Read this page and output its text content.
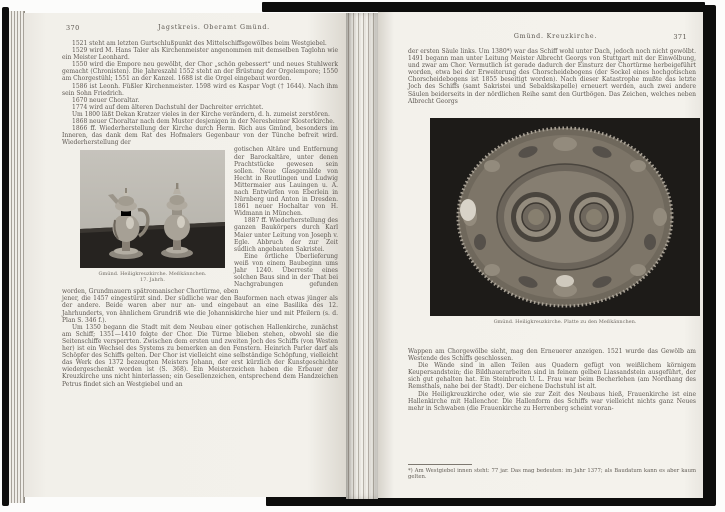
370	Jagstkreis. Oberamt Gmünd.

1521 steht am letzten Gurtschlußpunkt des Mittelschiffsgewölbes beim Westgiebel.

1529 wird M. Hans Taler als Kirchenmeister angenommen mit demselben Taglohn wie ein Meister Leonhard.

1550 wird die Empore neu gewölbt, der Chor „schön gebessert“ und neues Stuhlwerk gemacht (Chronisten). Die Jahreszahl 1552 steht an der Brüstung der Orgelempore; 1550 am Chorgestühl; 1551 an der Kanzel. 1688 ist die Orgel eingebaut worden.

1586 ist Leonh. Füßler Kirchenmeister. 1598 wird es Kaspar Vogt († 1644). Nach ihm sein Sohn Friedrich.

1670 neuer Choraltar.

1774 wird auf dem älteren Dachstuhl der Dachreiter errichtet.

Um 1800 läßt Dekan Kratzer vieles in der Kirche verändern, d. h. zumeist zerstören.

1868 neuer Choraltar nach dem Muster desjenigen in der Neresheimer Klosterkirche.

1866 ff. Wiederherstellung der Kirche durch Herm. Rich aus Gmünd, besonders im Inneren, das dank dem Rat des Hofmalers Gegenbaur von der Tünche befreit wird. Wiederherstellung der

Gmünd. Heiligkreuzkirche. Meßkännchen.
17. Jahrh.

gotischen Altäre und Entfernung der Barockaltäre, unter denen Prachtstücke gewesen sein sollen. Neue Glasgemälde von Hecht in Reutlingen und Ludwig Mittermaier aus Lauingen u. A. nach Entwürfen von Eberlein in Nürnberg und Anton in Dresden. 1861 neuer Hochaltar von H. Widmann in München.

1887 ff. Wiederherstellung des ganzen Baukörpers durch Karl Maier unter Leitung von Joseph v. Egle. Abbruch der zur Zeit südlich angebauten Sakristei.

Eine örtliche Überlieferung weiß von einem Baubeginn ums Jahr 1240. Überreste eines solchen Baus sind in der That bei Nachgrabungen gefunden worden, Grundmauern spätromanischer Chortürme, eben

jener, die 1457 eingestürzt sind. Der südliche war den Bauformen nach etwas jünger als der andere. Beide waren aber nur an- und eingebaut an eine Basilika des 12. Jahrhunderts, von ähnlichem Grundriß wie die Johanniskirche hier und mit Pfeilern (s. d. Plan S. 346 f.).

Um 1350 begann die Stadt mit dem Neubau einer gotischen Hallenkirche, zunächst am Schiff; 1351—1410 folgte der Chor. Die Türme blieben stehen, obwohl sie die Seitenschiffe versperrten. Zwischen dem ersten und zweiten Joch des Schiffs (von Westen her) ist ein Wechsel des Systems zu bemerken an den Fenstern. Heinrich Parler darf als Schöpfer des Schiffs gelten. Der Chor ist vielleicht eine selbständige Schöpfung, vielleicht das Werk des 1372 bezeugten Meisters Johann, der erst kürzlich der Kunstgeschichte wiedergeschenkt worden ist (S. 368). Ein Meisterzeichen haben die Erbauer der Kreuzkirche uns nicht hinterlassen; ein Gesellenzeichen, entsprechend dem Handzeichen Petrus findet sich an Westgiebel und an

Gmünd. Kreuzkirche.	371

der ersten Säule links. Um 1380*) war das Schiff wohl unter Dach, jedoch noch nicht gewölbt. 1491 begann man unter Leitung Meister Albrecht Georgs von Stuttgart mit der Einwölbung, und zwar am Chor. Vermutlich ist gerade dadurch der Einsturz der Chortürme herbeigeführt worden, etwa bei der Erweiterung des Chorscheidebogens (der Sockel eines hochgotischen Chorscheidebogens ist 1855 beseitigt worden). Nach dieser Katastrophe mußte das letzte Joch des Schiffs (samt Sakristei und Sebaldskapelle) erneuert werden, auch zwei andere Säulen beiderseits in der nördlichen Reihe samt den Gurtbögen. Das Zeichen, welches neben Albrecht Georgs

Gmünd. Heiligkreuzkirche. Platte zu den Meßkännchen.

Wappen am Chorgewölbe sieht, mag den Erneuerer anzeigen. 1521 wurde das Gewölb am Westende des Schiffs geschlossen.

Die Wände sind in allen Teilen aus Quadern gefügt von weißlichem körnigem Keupersandstein; die Bildhauerarbeiten sind in feinem gelben Liassandstein ausgeführt, der sich gut gehalten hat. Ein Steinbruch U. L. Frau war beim Becherlehen (am Nordhang des Remsthals, nahe bei der Stadt). Der eichene Dachstuhl ist alt.

Die Heiligkreuzkirche oder, wie sie zur Zeit des Neubaus hieß, Frauenkirche ist eine Hallenkirche mit Hallenchor. Die Hallenform des Schiffs war vielleicht nichts ganz Neues mehr in Schwaben (die Frauenkirche zu Herrenberg scheint voran-

*) Am Westgiebel innen steht: 77 jar. Das mag bedeuten: im Jahr 1377; als Baudatum kann es aber kaum gelten.
